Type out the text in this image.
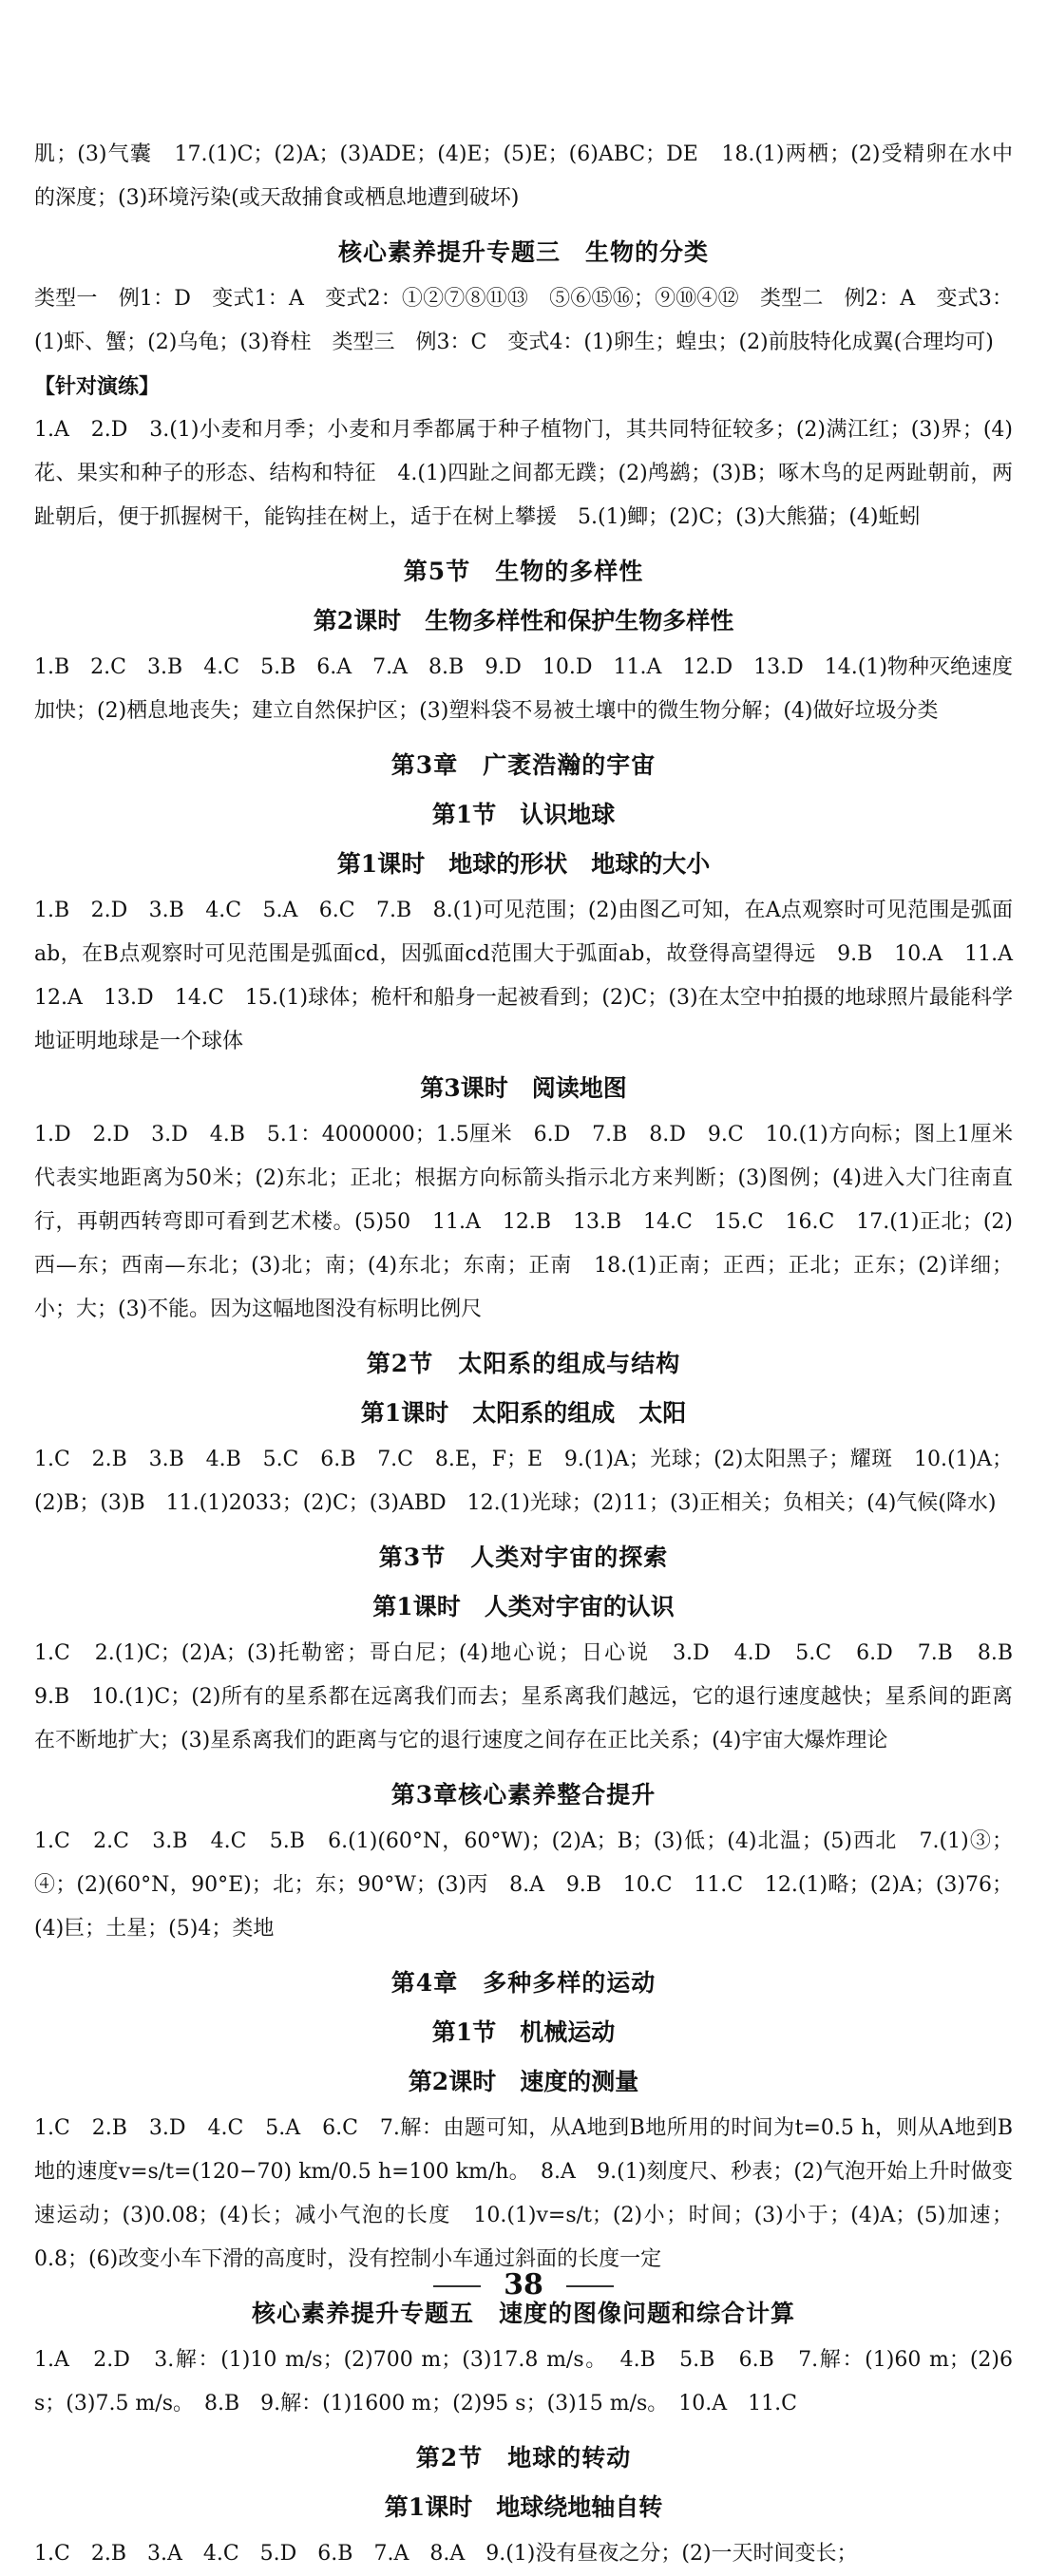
肌；(3)气囊　17.(1)C；(2)A；(3)ADE；(4)E；(5)E；(6)ABC；DE　18.(1)两栖；(2)受精卵在水中的深度；(3)环境污染(或天敌捕食或栖息地遭到破坏)

核心素养提升专题三　生物的分类

类型一　例1：D　变式1：A　变式2：①②⑦⑧⑪⑬　⑤⑥⑮⑯；⑨⑩④⑫　类型二　例2：A　变式3：(1)虾、蟹；(2)乌龟；(3)脊柱　类型三　例3：C　变式4：(1)卵生；蝗虫；(2)前肢特化成翼(合理均可)

【针对演练】

1.A　2.D　3.(1)小麦和月季；小麦和月季都属于种子植物门，其共同特征较多；(2)满江红；(3)界；(4)花、果实和种子的形态、结构和特征　4.(1)四趾之间都无蹼；(2)鸬鹚；(3)B；啄木鸟的足两趾朝前，两趾朝后，便于抓握树干，能钩挂在树上，适于在树上攀援　5.(1)鲫；(2)C；(3)大熊猫；(4)蚯蚓

第5节　生物的多样性
第2课时　生物多样性和保护生物多样性

1.B　2.C　3.B　4.C　5.B　6.A　7.A　8.B　9.D　10.D　11.A　12.D　13.D　14.(1)物种灭绝速度加快；(2)栖息地丧失；建立自然保护区；(3)塑料袋不易被土壤中的微生物分解；(4)做好垃圾分类

第3章　广袤浩瀚的宇宙
第1节　认识地球
第1课时　地球的形状　地球的大小

1.B　2.D　3.B　4.C　5.A　6.C　7.B　8.(1)可见范围；(2)由图乙可知，在A点观察时可见范围是弧面ab，在B点观察时可见范围是弧面cd，因弧面cd范围大于弧面ab，故登得高望得远　9.B　10.A　11.A　12.A　13.D　14.C　15.(1)球体；桅杆和船身一起被看到；(2)C；(3)在太空中拍摄的地球照片最能科学地证明地球是一个球体

第3课时　阅读地图

1.D　2.D　3.D　4.B　5.1：4000000；1.5厘米　6.D　7.B　8.D　9.C　10.(1)方向标；图上1厘米代表实地距离为50米；(2)东北；正北；根据方向标箭头指示北方来判断；(3)图例；(4)进入大门往南直行，再朝西转弯即可看到艺术楼。(5)50　11.A　12.B　13.B　14.C　15.C　16.C　17.(1)正北；(2)西—东；西南—东北；(3)北；南；(4)东北；东南；正南　18.(1)正南；正西；正北；正东；(2)详细；小；大；(3)不能。因为这幅地图没有标明比例尺

第2节　太阳系的组成与结构
第1课时　太阳系的组成　太阳

1.C　2.B　3.B　4.B　5.C　6.B　7.C　8.E，F；E　9.(1)A；光球；(2)太阳黑子；耀斑　10.(1)A；(2)B；(3)B　11.(1)2033；(2)C；(3)ABD　12.(1)光球；(2)11；(3)正相关；负相关；(4)气候(降水)

第3节　人类对宇宙的探索
第1课时　人类对宇宙的认识

1.C　2.(1)C；(2)A；(3)托勒密；哥白尼；(4)地心说；日心说　3.D　4.D　5.C　6.D　7.B　8.B　9.B　10.(1)C；(2)所有的星系都在远离我们而去；星系离我们越远，它的退行速度越快；星系间的距离在不断地扩大；(3)星系离我们的距离与它的退行速度之间存在正比关系；(4)宇宙大爆炸理论

第3章核心素养整合提升

1.C　2.C　3.B　4.C　5.B　6.(1)(60°N，60°W)；(2)A；B；(3)低；(4)北温；(5)西北　7.(1)③；④；(2)(60°N，90°E)；北；东；90°W；(3)丙　8.A　9.B　10.C　11.C　12.(1)略；(2)A；(3)76；(4)巨；土星；(5)4；类地

第4章　多种多样的运动
第1节　机械运动
第2课时　速度的测量

1.C　2.B　3.D　4.C　5.A　6.C　7.解：由题可知，从A地到B地所用的时间为t=0.5 h，则从A地到B地的速度v=s/t=(120−70) km/0.5 h=100 km/h。　8.A　9.(1)刻度尺、秒表；(2)气泡开始上升时做变速运动；(3)0.08；(4)长；减小气泡的长度　10.(1)v=s/t；(2)小；时间；(3)小于；(4)A；(5)加速；0.8；(6)改变小车下滑的高度时，没有控制小车通过斜面的长度一定

核心素养提升专题五　速度的图像问题和综合计算

1.A　2.D　3.解：(1)10 m/s；(2)700 m；(3)17.8 m/s。　4.B　5.B　6.B　7.解：(1)60 m；(2)6 s；(3)7.5 m/s。　8.B　9.解：(1)1600 m；(2)95 s；(3)15 m/s。　10.A　11.C

第2节　地球的转动
第1课时　地球绕地轴自转

1.C　2.B　3.A　4.C　5.D　6.B　7.A　8.A　9.(1)没有昼夜之分；(2)一天时间变长；

38
